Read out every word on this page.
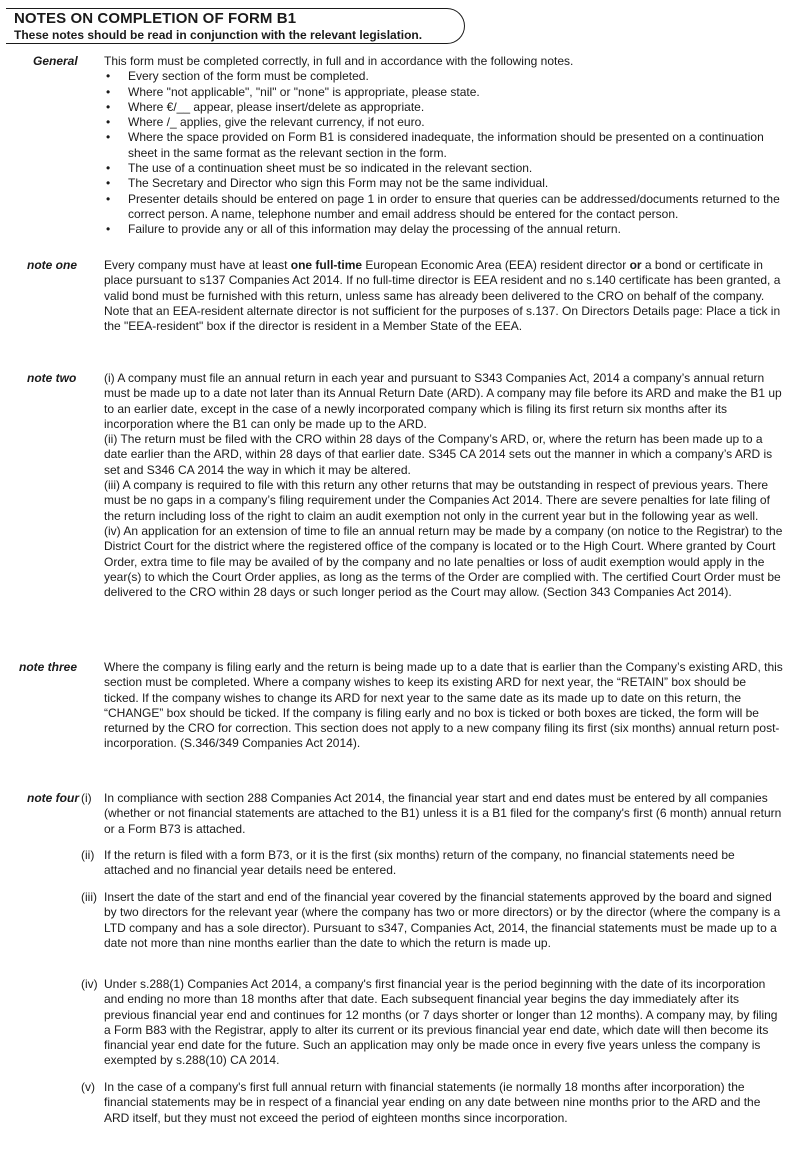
NOTES ON COMPLETION OF FORM B1
These notes should be read in conjunction with the relevant legislation.
General This form must be completed correctly, in full and in accordance with the following notes.

• Every section of the form must be completed.
• Where "not applicable", "nil" or "none" is appropriate, please state.
• Where €/__ appear, please insert/delete as appropriate.
• Where /_ applies, give the relevant currency, if not euro.
• Where the space provided on Form B1 is considered inadequate, the information should be presented on a continuation sheet in the same format as the relevant section in the form.
• The use of a continuation sheet must be so indicated in the relevant section.
• The Secretary and Director who sign this Form may not be the same individual.
• Presenter details should be entered on page 1 in order to ensure that queries can be addressed/documents returned to the correct person. A name, telephone number and email address should be entered for the contact person.
• Failure to provide any or all of this information may delay the processing of the annual return.
note one Every company must have at least one full-time European Economic Area (EEA) resident director or a bond or certificate in place pursuant to s137 Companies Act 2014. If no full-time director is EEA resident and no s.140 certificate has been granted, a valid bond must be furnished with this return, unless same has already been delivered to the CRO on behalf of the company. Note that an EEA-resident alternate director is not sufficient for the purposes of s.137. On Directors Details page: Place a tick in the "EEA-resident" box if the director is resident in a Member State of the EEA.
note two (i) A company must file an annual return in each year and pursuant to S343 Companies Act, 2014 a company’s annual return must be made up to a date not later than its Annual Return Date (ARD). A company may file before its ARD and make the B1 up to an earlier date, except in the case of a newly incorporated company which is filing its first return six months after its incorporation where the B1 can only be made up to the ARD.
(ii) The return must be filed with the CRO within 28 days of the Company’s ARD, or, where the return has been made up to a date earlier than the ARD, within 28 days of that earlier date. S345 CA 2014 sets out the manner in which a company’s ARD is set and S346 CA 2014 the way in which it may be altered.
(iii) A company is required to file with this return any other returns that may be outstanding in respect of previous years. There must be no gaps in a company’s filing requirement under the Companies Act 2014. There are severe penalties for late filing of the return including loss of the right to claim an audit exemption not only in the current year but in the following year as well.
(iv) An application for an extension of time to file an annual return may be made by a company (on notice to the Registrar) to the District Court for the district where the registered office of the company is located or to the High Court. Where granted by Court Order, extra time to file may be availed of by the company and no late penalties or loss of audit exemption would apply in the year(s) to which the Court Order applies, as long as the terms of the Order are complied with. The certified Court Order must be delivered to the CRO within 28 days or such longer period as the Court may allow. (Section 343 Companies Act 2014).
note three Where the company is filing early and the return is being made up to a date that is earlier than the Company’s existing ARD, this section must be completed. Where a company wishes to keep its existing ARD for next year, the “RETAIN” box should be ticked. If the company wishes to change its ARD for next year to the same date as its made up to date on this return, the “CHANGE” box should be ticked. If the company is filing early and no box is ticked or both boxes are ticked, the form will be returned by the CRO for correction. This section does not apply to a new company filing its first (six months) annual return post-incorporation. (S.346/349 Companies Act 2014).
note four (i)	In compliance with section 288 Companies Act 2014, the financial year start and end dates must be entered by all companies (whether or not financial statements are attached to the B1) unless it is a B1 filed for the company's first (6 month) annual return or a Form B73 is attached.
(ii) If the return is filed with a form B73, or it is the first (six months) return of the company, no financial statements need be attached and no financial year details need be entered.
(iii) Insert the date of the start and end of the financial year covered by the financial statements approved by the board and signed by two directors for the relevant year (where the company has two or more directors) or by the director (where the company is a LTD company and has a sole director). Pursuant to s347, Companies Act, 2014, the financial statements must be made up to a date not more than nine months earlier than the date to which the return is made up.
(iv) Under s.288(1) Companies Act 2014, a company's first financial year is the period beginning with the date of its incorporation and ending no more than 18 months after that date. Each subsequent financial year begins the day immediately after its previous financial year end and continues for 12 months (or 7 days shorter or longer than 12 months). A company may, by filing a Form B83 with the Registrar, apply to alter its current or its previous financial year end date, which date will then become its financial year end date for the future. Such an application may only be made once in every five years unless the company is exempted by s.288(10) CA 2014.
(v) In the case of a company's first full annual return with financial statements (ie normally 18 months after incorporation) the financial statements may be in respect of a financial year ending on any date between nine months prior to the ARD and the ARD itself, but they must not exceed the period of eighteen months since incorporation.
